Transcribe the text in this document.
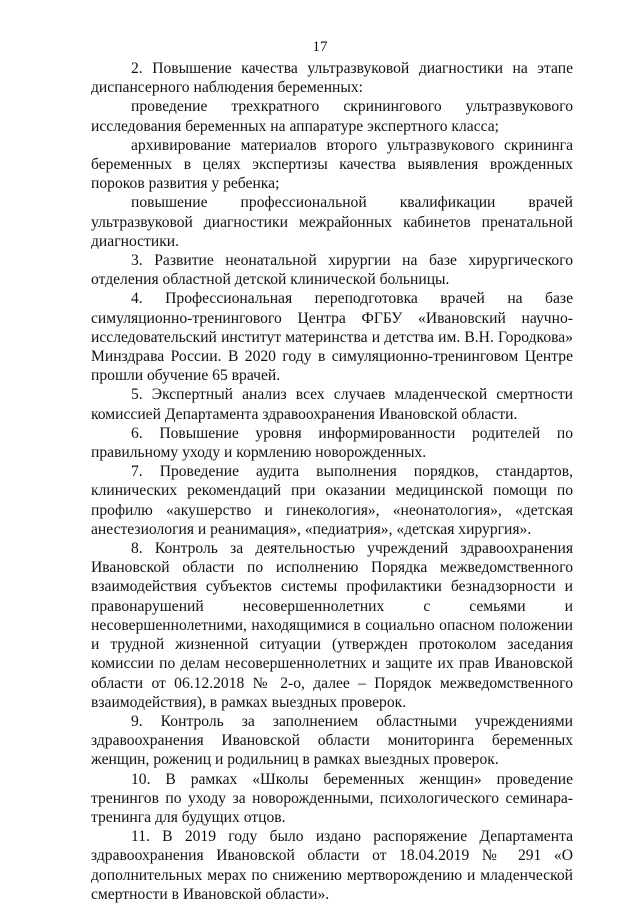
17

2. Повышение качества ультразвуковой диагностики на этапе диспансерного наблюдения беременных:

проведение трехкратного скринингового ультразвукового исследования беременных на аппаратуре экспертного класса;

архивирование материалов второго ультразвукового скрининга беременных в целях экспертизы качества выявления врожденных пороков развития у ребенка;

повышение профессиональной квалификации врачей ультразвуковой диагностики межрайонных кабинетов пренатальной диагностики.

3. Развитие неонатальной хирургии на базе хирургического отделения областной детской клинической больницы.

4. Профессиональная переподготовка врачей на базе симуляционно-тренингового Центра ФГБУ «Ивановский научно-исследовательский институт материнства и детства им. В.Н. Городкова» Минздрава России. В 2020 году в симуляционно-тренинговом Центре прошли обучение 65 врачей.

5. Экспертный анализ всех случаев младенческой смертности комиссией Департамента здравоохранения Ивановской области.

6. Повышение уровня информированности родителей по правильному уходу и кормлению новорожденных.

7. Проведение аудита выполнения порядков, стандартов, клинических рекомендаций при оказании медицинской помощи по профилю «акушерство и гинекология», «неонатология», «детская анестезиология и реанимация», «педиатрия», «детская хирургия».

8. Контроль за деятельностью учреждений здравоохранения Ивановской области по исполнению Порядка межведомственного взаимодействия субъектов системы профилактики безнадзорности и правонарушений несовершеннолетних с семьями и несовершеннолетними, находящимися в социально опасном положении и трудной жизненной ситуации (утвержден протоколом заседания комиссии по делам несовершеннолетних и защите их прав Ивановской области от 06.12.2018 № 2-о, далее – Порядок межведомственного взаимодействия), в рамках выездных проверок.

9. Контроль за заполнением областными учреждениями здравоохранения Ивановской области мониторинга беременных женщин, рожениц и родильниц в рамках выездных проверок.

10. В рамках «Школы беременных женщин» проведение тренингов по уходу за новорожденными, психологического семинара-тренинга для будущих отцов.

11. В 2019 году было издано распоряжение Департамента здравоохранения Ивановской области от 18.04.2019 № 291 «О дополнительных мерах по снижению мертворождению и младенческой смертности в Ивановской области».
